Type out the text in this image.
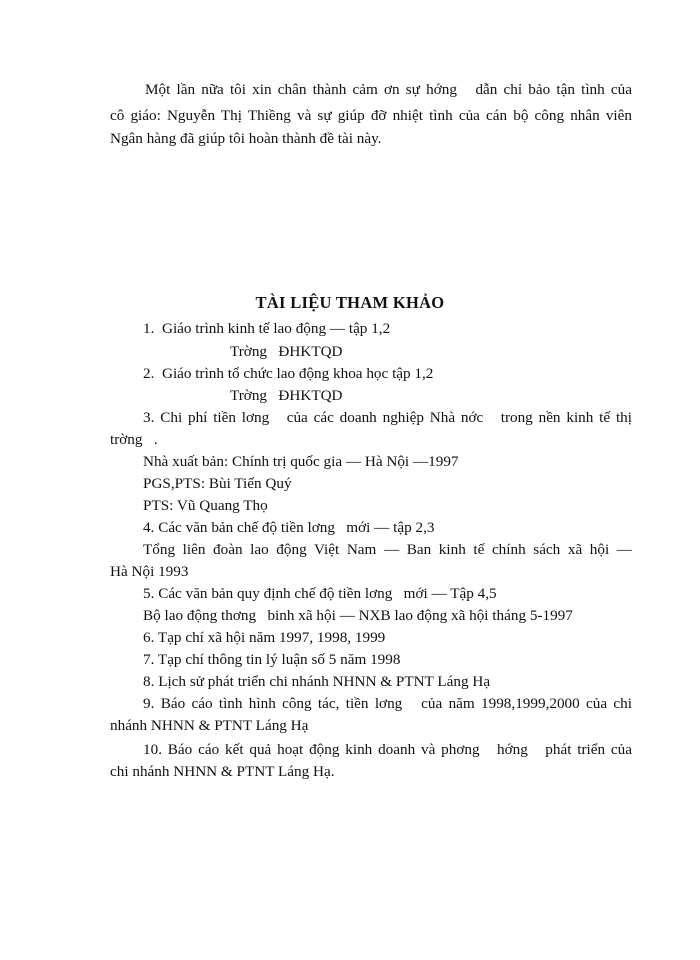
Một lần nữa tôi xin chân thành cảm ơn sự hớng   dẫn chỉ bảo tận tình của
cô giáo: Nguyễn Thị Thiềng và sự giúp đỡ nhiệt tình của cán bộ công nhân viên
Ngân hàng đã giúp tôi hoàn thành đề tài này.
TÀI LIỆU THAM KHẢO
1.  Giáo trình kinh tế lao động — tập 1,2
Trờng   ĐHKTQD
2.  Giáo trình tổ chức lao động khoa học tập 1,2
Trờng   ĐHKTQD
3. Chi phí tiền lơng   của các doanh nghiệp Nhà nớc   trong nền kinh tế thị
trờng   .
Nhà xuất bản: Chính trị quốc gia — Hà Nội —1997
PGS,PTS: Bùi Tiến Quý
PTS: Vũ Quang Thọ
4. Các văn bản chế độ tiền lơng   mới — tập 2,3
Tổng liên đoàn lao động Việt Nam — Ban kinh tế chính sách xã hội —
Hà Nội 1993
5. Các văn bản quy định chế độ tiền lơng   mới — Tập 4,5
Bộ lao động thơng   binh xã hội — NXB lao động xã hội tháng 5-1997
6. Tạp chí xã hội năm 1997, 1998, 1999
7. Tạp chí thông tin lý luận số 5 năm 1998
8. Lịch sử phát triển chi nhánh NHNN & PTNT Láng Hạ
9. Báo cáo tình hình công tác, tiền lơng   của năm 1998,1999,2000 của chi
nhánh NHNN & PTNT Láng Hạ
10. Báo cáo kết quả hoạt động kinh doanh và phơng   hớng   phát triển của
chi nhánh NHNN & PTNT Láng Hạ.
